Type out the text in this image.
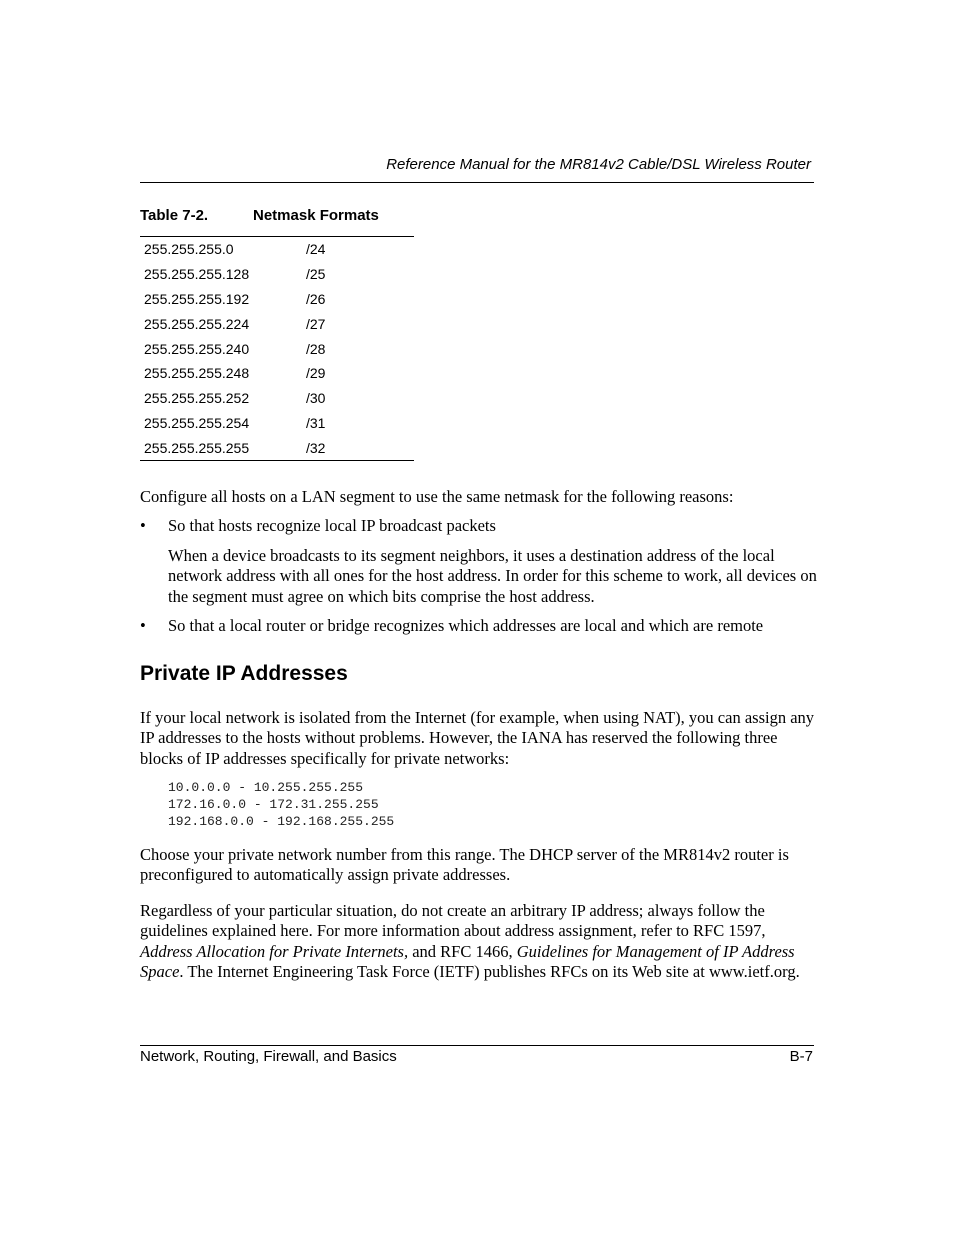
Reference Manual for the MR814v2 Cable/DSL Wireless Router
Table 7-2.	Netmask Formats
255.255.255.0	/24
255.255.255.128	/25
255.255.255.192	/26
255.255.255.224	/27
255.255.255.240	/28
255.255.255.248	/29
255.255.255.252	/30
255.255.255.254	/31
255.255.255.255	/32
Configure all hosts on a LAN segment to use the same netmask for the following reasons:
• So that hosts recognize local IP broadcast packets
When a device broadcasts to its segment neighbors, it uses a destination address of the local network address with all ones for the host address. In order for this scheme to work, all devices on the segment must agree on which bits comprise the host address.
• So that a local router or bridge recognizes which addresses are local and which are remote
Private IP Addresses
If your local network is isolated from the Internet (for example, when using NAT), you can assign any IP addresses to the hosts without problems. However, the IANA has reserved the following three blocks of IP addresses specifically for private networks:
10.0.0.0 - 10.255.255.255
172.16.0.0 - 172.31.255.255
192.168.0.0 - 192.168.255.255
Choose your private network number from this range. The DHCP server of the MR814v2 router is preconfigured to automatically assign private addresses.
Regardless of your particular situation, do not create an arbitrary IP address; always follow the guidelines explained here. For more information about address assignment, refer to RFC 1597, Address Allocation for Private Internets, and RFC 1466, Guidelines for Management of IP Address Space. The Internet Engineering Task Force (IETF) publishes RFCs on its Web site at www.ietf.org.
Network, Routing, Firewall, and Basics	B-7
